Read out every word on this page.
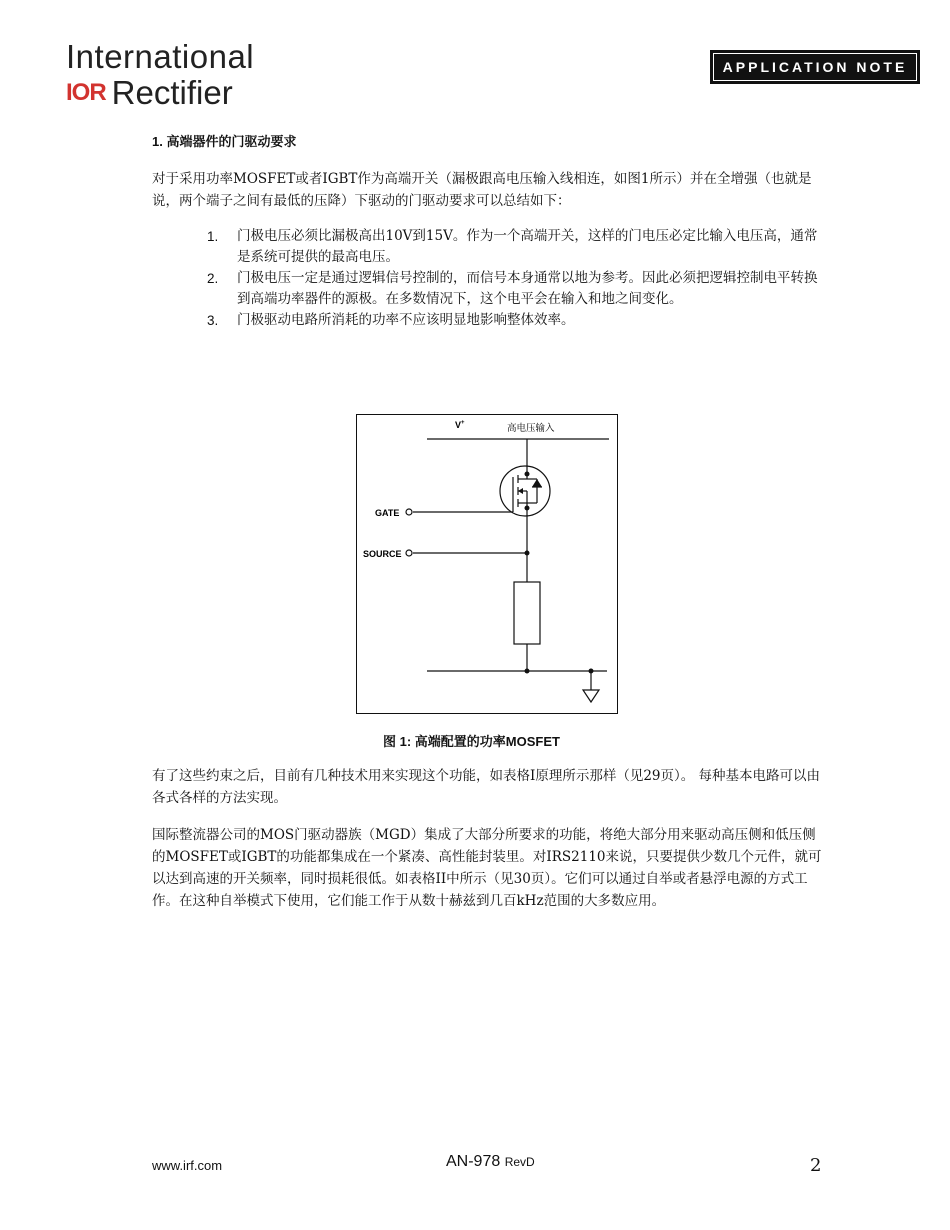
International
IOR Rectifier
APPLICATION NOTE
1. 高端器件的门驱动要求
对于采用功率MOSFET或者IGBT作为高端开关（漏极跟高电压输入线相连，如图1所示）并在全增强（也就是说，两个端子之间有最低的压降）下驱动的门驱动要求可以总结如下：
1.	门极电压必须比漏极高出10V到15V。作为一个高端开关，这样的门电压必定比输入电压高，通常是系统可提供的最高电压。
2.	门极电压一定是通过逻辑信号控制的，而信号本身通常以地为参考。因此必须把逻辑控制电平转换到高端功率器件的源极。在多数情况下，这个电平会在输入和地之间变化。
3.	门极驱动电路所消耗的功率不应该明显地影响整体效率。
V+	高电压输入
GATE
SOURCE
图 1: 高端配置的功率MOSFET
有了这些约束之后，目前有几种技术用来实现这个功能，如表格I原理所示那样（见29页）。 每种基本电路可以由各式各样的方法实现。
国际整流器公司的MOS门驱动器族（MGD）集成了大部分所要求的功能，将绝大部分用来驱动高压侧和低压侧的MOSFET或IGBT的功能都集成在一个紧凑、高性能封装里。对IRS2110来说，只要提供少数几个元件，就可以达到高速的开关频率，同时损耗很低。如表格II中所示（见30页）。它们可以通过自举或者悬浮电源的方式工作。在这种自举模式下使用，它们能工作于从数十赫兹到几百kHz范围的大多数应用。
www.irf.com	AN-978 RevD	2
